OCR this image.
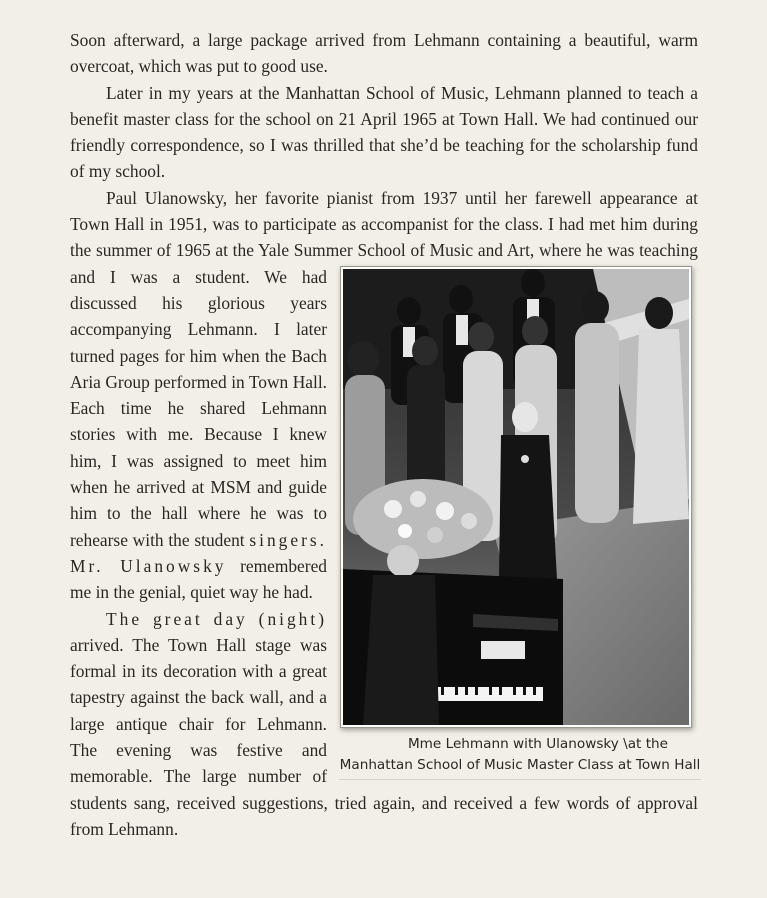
Soon afterward, a large package arrived from Lehmann containing a beautiful, warm overcoat, which was put to good use.

Later in my years at the Manhattan School of Music, Lehmann planned to teach a benefit master class for the school on 21 April 1965 at Town Hall. We had continued our friendly correspondence, so I was thrilled that she’d be teaching for the scholarship fund of my school.

Paul Ulanowsky, her favorite pianist from 1937 until her farewell appearance at Town Hall in 1951, was to participate as accompanist for the class. I had met him during the summer of 1965 at the Yale Summer School of Music and Art,
Mme Lehmann with Ulanowsky \at the Manhattan School of Music Master Class at Town Hall
where he was teaching and I was a student. We had discussed his glorious years accompanying Lehmann. I later turned pages for him when the Bach Aria Group performed in Town Hall. Each time he shared Lehmann stories with me. Because I knew him, I was assigned to meet him when he arrived at MSM and guide him to the hall where he was to rehearse with the student singers. Mr. Ulanowsky remembered me in the genial, quiet way he had.

The great day (night) arrived. The Town Hall stage was formal in its decoration with a great tapestry against the back wall, and a large antique chair for Lehmann. The evening was festive and memorable. The large number of students sang, received suggestions, tried again, and received a few words of approval from Lehmann.
